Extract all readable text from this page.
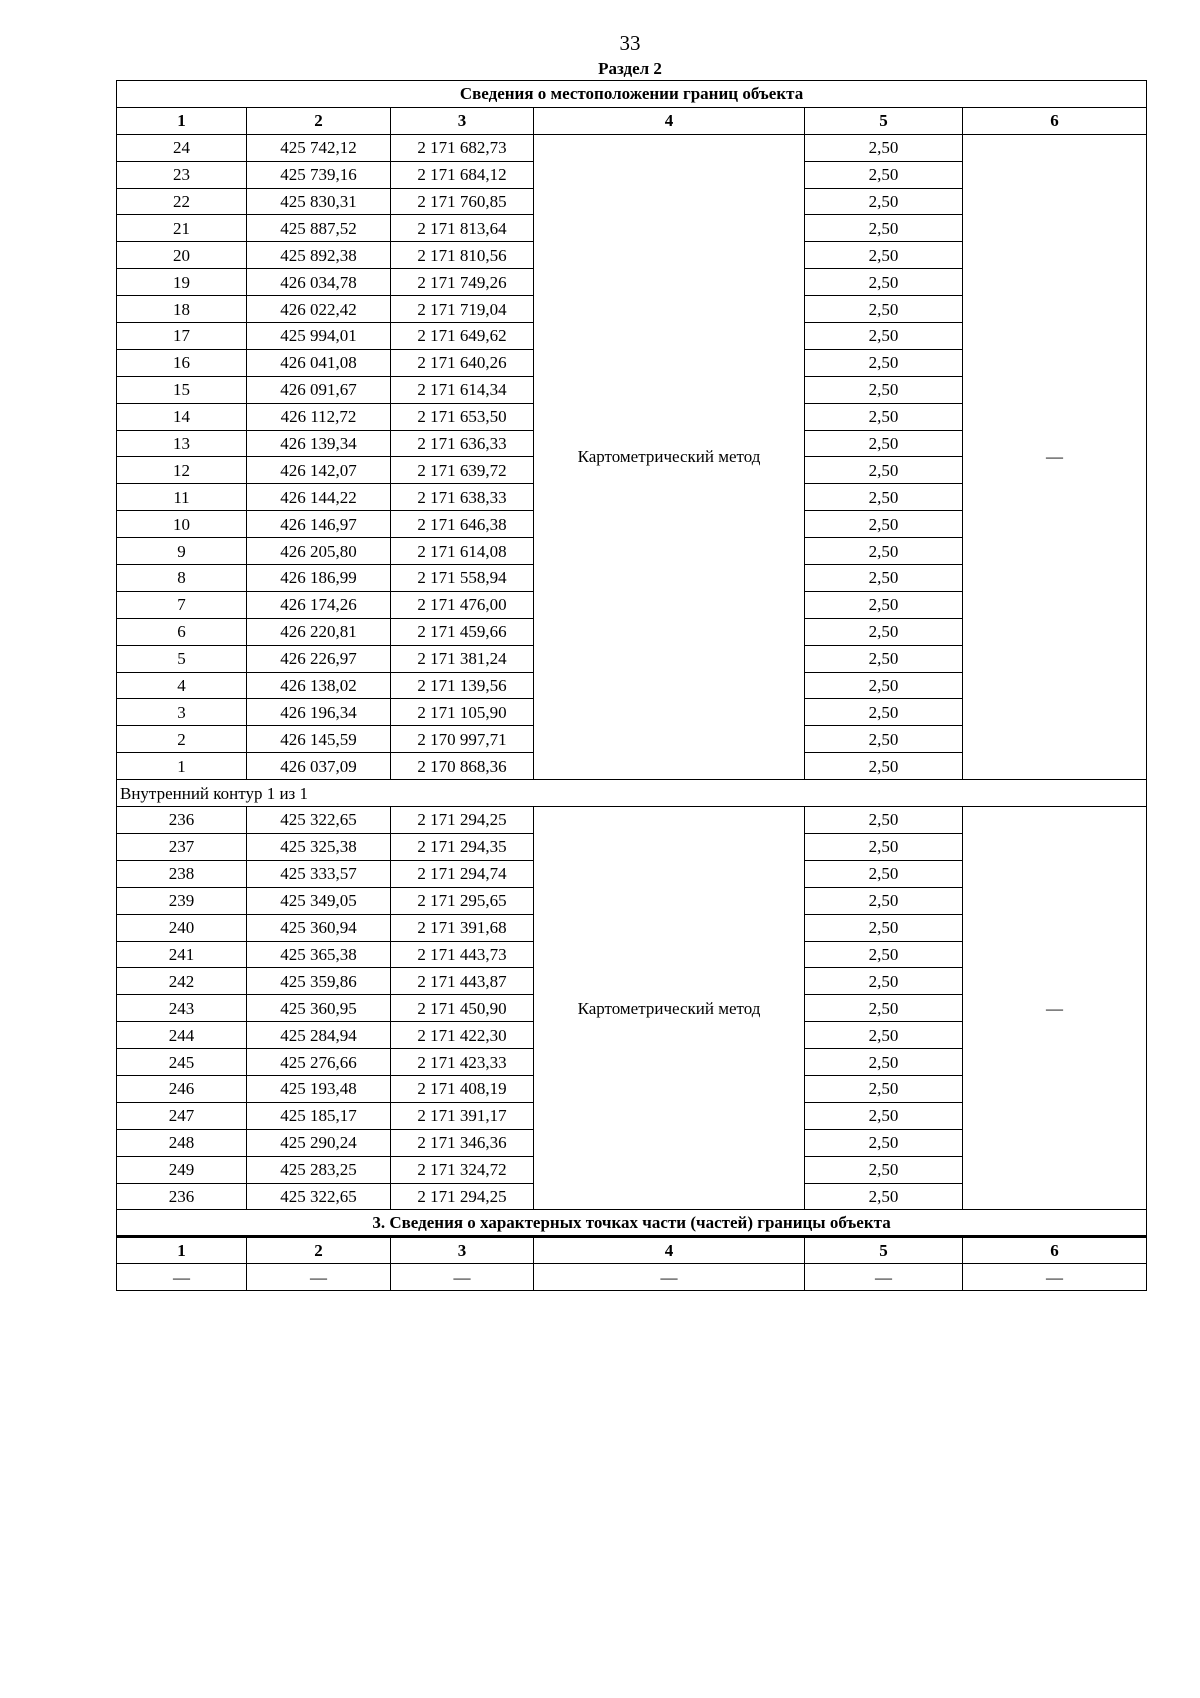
33
Раздел 2
Сведения о местоположении границ объекта					
1	2	3	4	5	6
24	425 742,12	2 171 682,73	Картометрический метод	2,50	—
23	425 739,16	2 171 684,12		2,50	
22	425 830,31	2 171 760,85		2,50	
21	425 887,52	2 171 813,64		2,50	
20	425 892,38	2 171 810,56		2,50	
19	426 034,78	2 171 749,26		2,50	
18	426 022,42	2 171 719,04		2,50	
17	425 994,01	2 171 649,62		2,50	
16	426 041,08	2 171 640,26		2,50	
15	426 091,67	2 171 614,34		2,50	
14	426 112,72	2 171 653,50		2,50	
13	426 139,34	2 171 636,33		2,50	
12	426 142,07	2 171 639,72		2,50	
11	426 144,22	2 171 638,33		2,50	
10	426 146,97	2 171 646,38		2,50	
9	426 205,80	2 171 614,08		2,50	
8	426 186,99	2 171 558,94		2,50	
7	426 174,26	2 171 476,00		2,50	
6	426 220,81	2 171 459,66		2,50	
5	426 226,97	2 171 381,24		2,50	
4	426 138,02	2 171 139,56		2,50	
3	426 196,34	2 171 105,90		2,50	
2	426 145,59	2 170 997,71		2,50	
1	426 037,09	2 170 868,36		2,50	
Внутренний контур 1 из 1					
236	425 322,65	2 171 294,25	Картометрический метод	2,50	—
237	425 325,38	2 171 294,35		2,50	
238	425 333,57	2 171 294,74		2,50	
239	425 349,05	2 171 295,65		2,50	
240	425 360,94	2 171 391,68		2,50	
241	425 365,38	2 171 443,73		2,50	
242	425 359,86	2 171 443,87		2,50	
243	425 360,95	2 171 450,90		2,50	
244	425 284,94	2 171 422,30		2,50	
245	425 276,66	2 171 423,33		2,50	
246	425 193,48	2 171 408,19		2,50	
247	425 185,17	2 171 391,17		2,50	
248	425 290,24	2 171 346,36		2,50	
249	425 283,25	2 171 324,72		2,50	
236	425 322,65	2 171 294,25		2,50	
3. Сведения о характерных точках части (частей) границы объекта					
1	2	3	4	5	6
—	—	—	—	—	—
